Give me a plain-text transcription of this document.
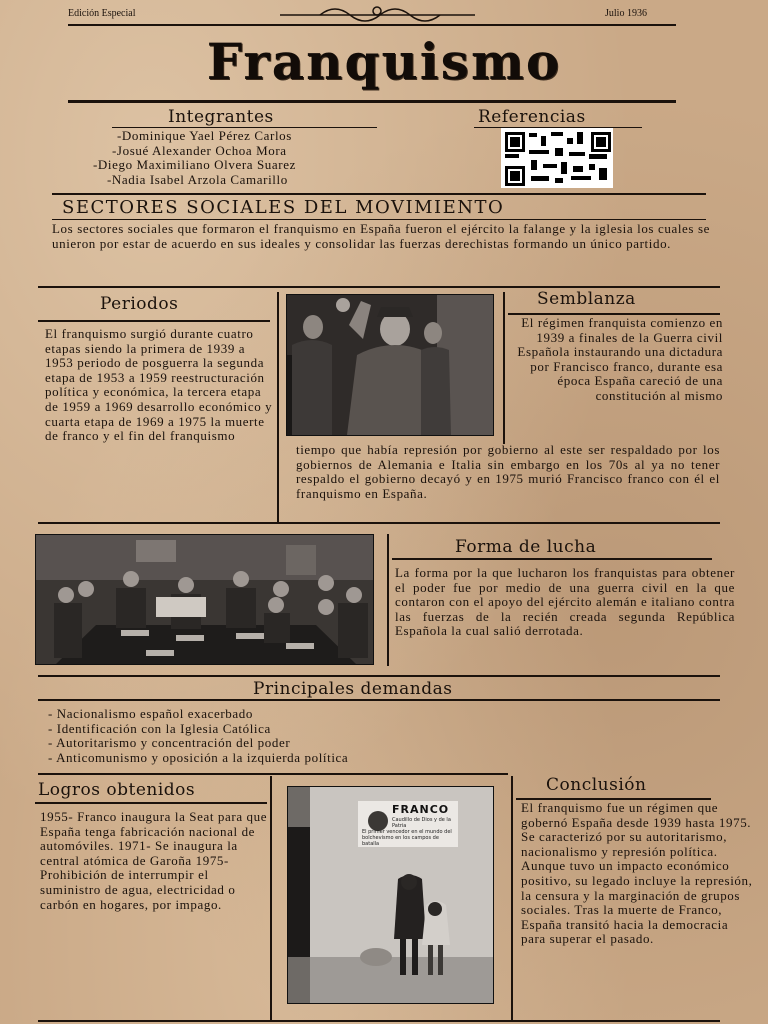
Edición Especial	Julio 1936
Franquismo
Integrantes
-Dominique Yael Pérez Carlos
-Josué Alexander Ochoa Mora
-Diego Maximiliano Olvera Suarez
-Nadia Isabel Arzola Camarillo
Referencias
SECTORES SOCIALES DEL MOVIMIENTO
Los sectores sociales que formaron el franquismo en España fueron el ejército la falange y la iglesia los cuales se unieron por estar de acuerdo en sus ideales y consolidar las fuerzas derechistas formando un único partido.
Periodos
El franquismo surgió durante cuatro etapas siendo la primera de 1939 a 1953 periodo de posguerra la segunda etapa de 1953 a 1959 reestructuración política y económica, la tercera etapa de 1959 a 1969 desarrollo económico y cuarta etapa de 1969 a 1975 la muerte de franco y el fin del franquismo
Semblanza
El régimen franquista comienzo en 1939 a finales de la Guerra civil Española instaurando una dictadura por Francisco franco, durante esa época España careció de una constitución al mismo
tiempo que había represión por gobierno al este ser respaldado por los gobiernos de Alemania e Italia sin embargo en los 70s al ya no tener respaldo el gobierno decayó y en 1975 murió Francisco franco con él el franquismo en España.
Forma de lucha
La forma por la que lucharon los franquistas para obtener el poder fue por medio de una guerra civil en la que contaron con el apoyo del ejército alemán e italiano contra las fuerzas de la recién creada segunda República Española la cual salió derrotada.
Principales demandas
- Nacionalismo español exacerbado
- Identificación con la Iglesia Católica
- Autoritarismo y concentración del poder
- Anticomunismo y oposición a la izquierda política
Logros obtenidos
1955- Franco inaugura la Seat para que España tenga fabricación nacional de automóviles. 1971- Se inaugura la central atómica de Garoña 1975- Prohibición de interrumpir el suministro de agua, electricidad o carbón en hogares, por impago.
FRANCO
Caudillo de Dios y de la Patria
El primer vencedor en el mundo del bolchevismo en los campos de batalla
Conclusión
El franquismo fue un régimen que gobernó España desde 1939 hasta 1975. Se caracterizó por su autoritarismo, nacionalismo y represión política. Aunque tuvo un impacto económico positivo, su legado incluye la represión, la censura y la marginación de grupos sociales. Tras la muerte de Franco, España transitó hacia la democracia para superar el pasado.
